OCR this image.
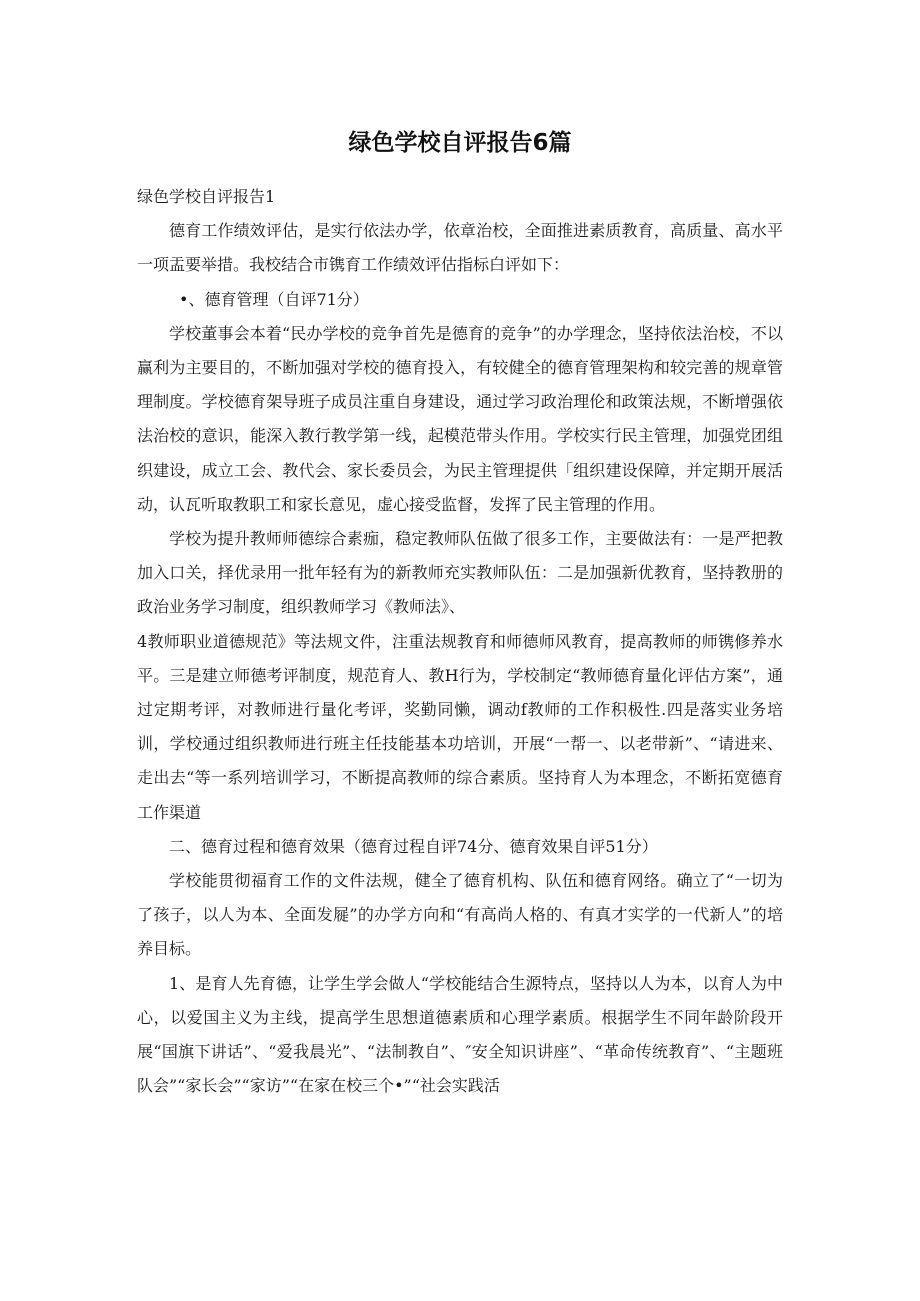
绿色学校自评报告6篇

绿色学校自评报告1

德育工作绩效评估，是实行依法办学，依章治校，全面推进素质教育，高质量、高水平一项盂要举措。我校结合市镌育工作绩效评估指标白评如下：

•、德育管理（自评71分）

学校董事会本着“民办学校的竞争首先是德育的竞争”的办学理念，坚持依法治校，不以赢利为主要目的，不断加强对学校的德育投入，有较健全的德育管理架构和较完善的规章管理制度。学校德育架导班子成员注重自身建设，通过学习政治理伦和政策法规，不断增强依法治校的意识，能深入教行教学第一线，起模范带头作用。学校实行民主管理，加强党团组织建设，成立工会、教代会、家长委员会，为民主管理提供「组织建设保障，并定期开展活动，认瓦听取教职工和家长意见，虚心接受监督，发挥了民主管理的作用。

学校为提升教师师德综合素痂，稳定教师队伍做了很多工作，主要做法有：一是严把教加入口关，择优录用一批年轻有为的新教师充实教师队伍：二是加强新优教育，坚持教册的政治业务学习制度，组织教师学习《教师法》、

4教师职业道德规范》等法规文件，注重法规教育和师德师风教育，提高教师的师镌修养水平。三是建立师德考评制度，规范育人、教H行为，学校制定“教师德育量化评估方案”，通过定期考评，对教师进行量化考评，奖勤同懒，调动f教师的工作积极性.四是落实业务培训，学校通过组织教师进行班主任技能基本功培训，开展“一帮一、以老带新”、“请进来、走出去“等一系列培训学习，不断提高教师的综合素质。坚持育人为本理念，不断拓宽德育工作渠道

二、德育过程和德育效果（德育过程自评74分、德育效果自评51分）

学校能贯彻福育工作的文件法规，健全了德育机构、队伍和德育网络。确立了“一切为了孩子，以人为本、全面发屣”的办学方向和“有高尚人格的、有真才实学的一代新人”的培养目标。

1、是育人先育德，让学生学会做人“学校能结合生源特点，坚持以人为本，以育人为中心，以爱国主义为主线，提高学生思想道德素质和心理学素质。根据学生不同年龄阶段开展“国旗下讲话”、“爱我晨光”、“法制教自”、″安全知识讲座”、“革命传统教育”、“主题班队会”“家长会”“家访”“在家在校三个•”“社会实践活
